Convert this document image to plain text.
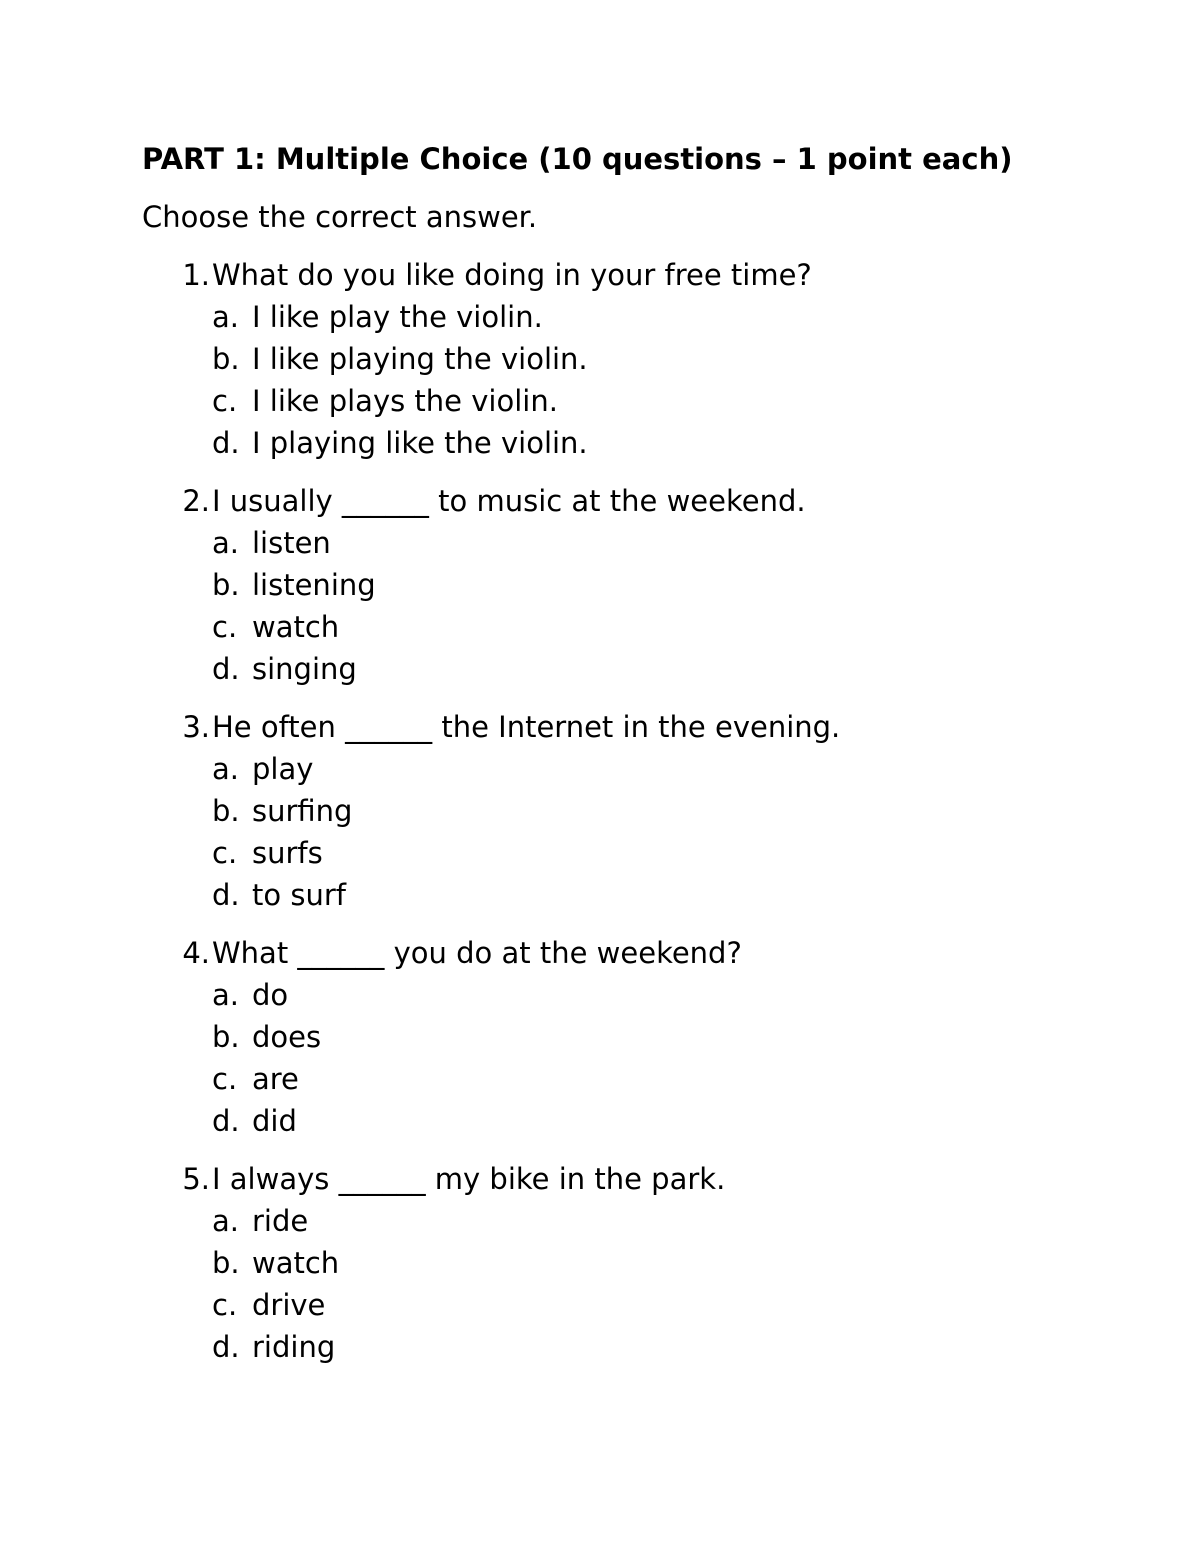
PART 1: Multiple Choice (10 questions – 1 point each)

Choose the correct answer.

1. What do you like doing in your free time?
a. I like play the violin.
b. I like playing the violin.
c. I like plays the violin.
d. I playing like the violin.
2. I usually ______ to music at the weekend.
a. listen
b. listening
c. watch
d. singing
3. He often ______ the Internet in the evening.
a. play
b. surfing
c. surfs
d. to surf
4. What ______ you do at the weekend?
a. do
b. does
c. are
d. did
5. I always ______ my bike in the park.
a. ride
b. watch
c. drive
d. riding
